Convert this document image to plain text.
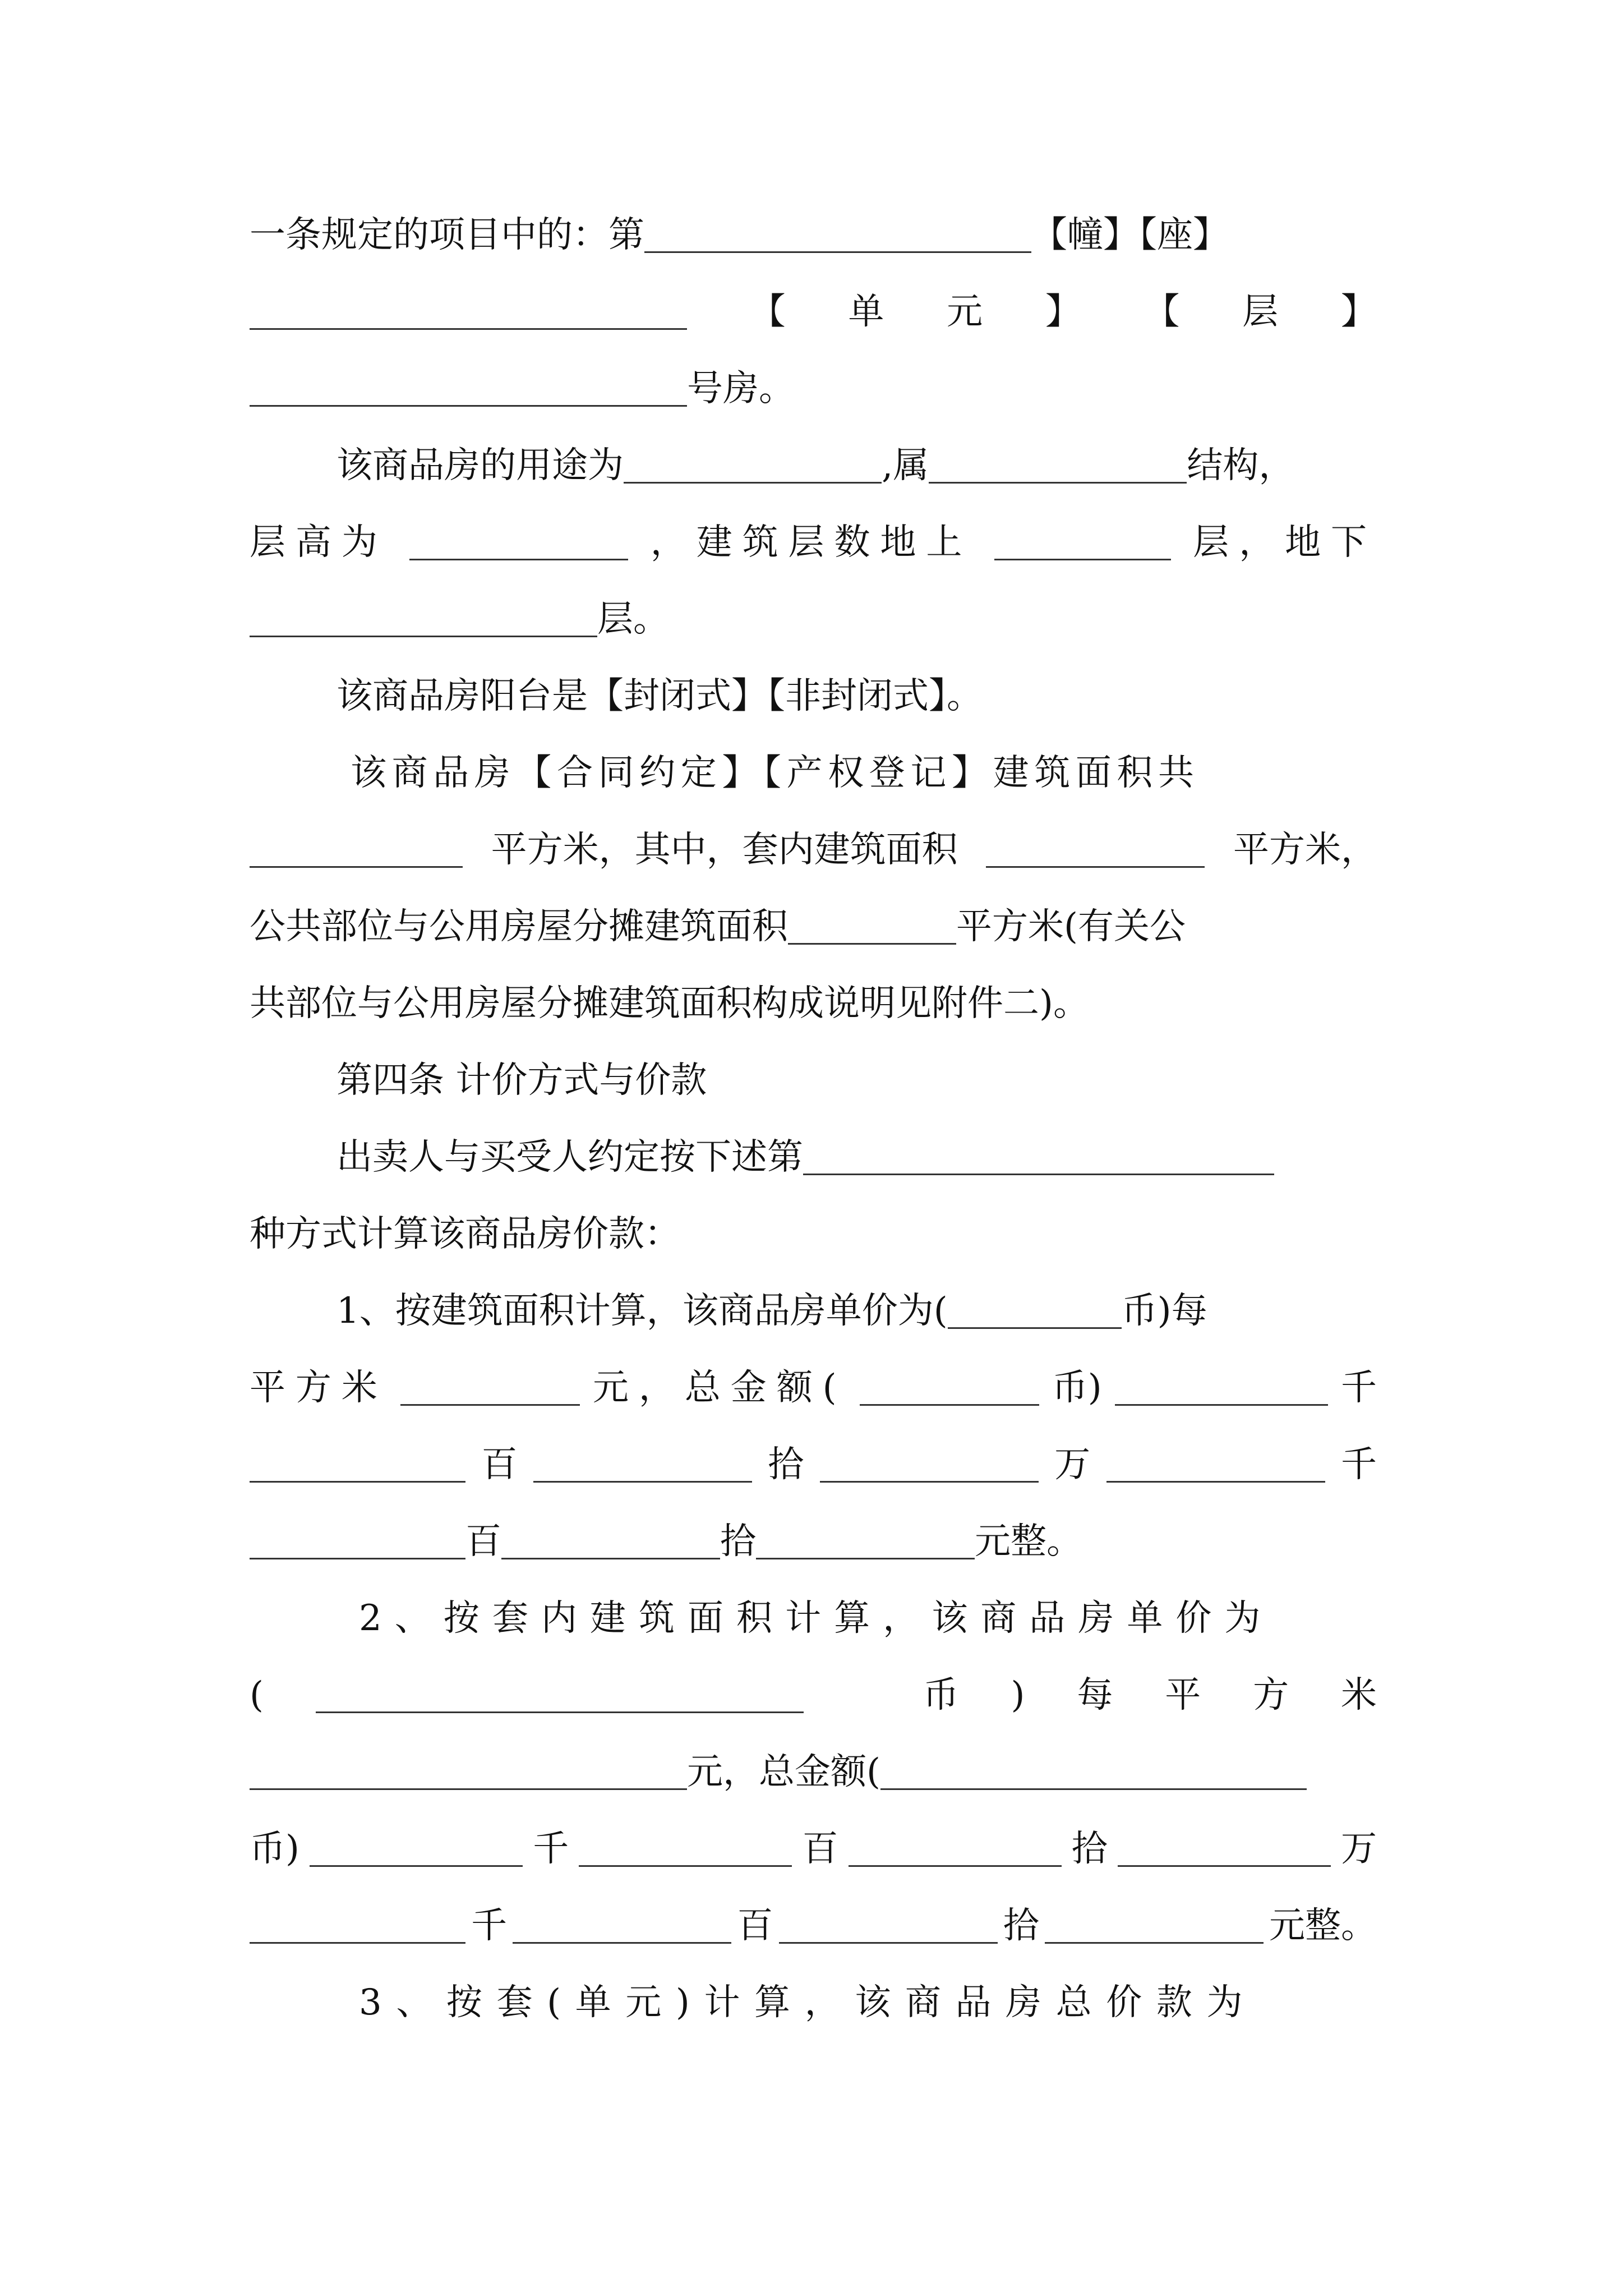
一条规定的项目中的：第	【幢】【座】
【 单 元 】 【 层 】
号房。
该商品房的用途为	,属	结构，
层高为	，建筑层数地上	层，地下
层。
该商品房阳台是【封闭式】【非封闭式】。
该商品房【合同约定】【产权登记】建筑面积共
平方米，其中，套内建筑面积	平方米，
公共部位与公用房屋分摊建筑面积	平方米(有关公
共部位与公用房屋分摊建筑面积构成说明见附件二)。
第四条 计价方式与价款
出卖人与买受人约定按下述第
种方式计算该商品房价款：
1、按建筑面积计算，该商品房单价为(	币)每
平方米	元，总金额(	币)	千
百	拾	万	千
百	拾	元整。
2、按套内建筑面积计算，该商品房单价为
(	币 ) 每 平 方 米
元，总金额(
币)	千	百	拾	万
千	百	拾	元整。
3、按套(单元)计算，该商品房总价款为
